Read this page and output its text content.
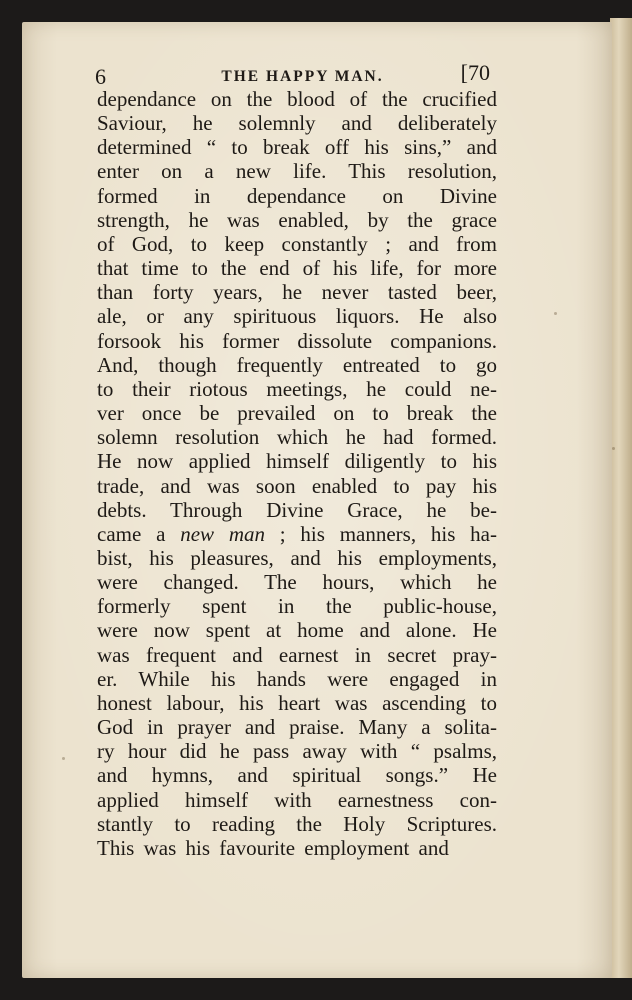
6	THE HAPPY MAN.	[70
dependance on the blood of the crucified
Saviour, he solemnly and deliberately
determined “ to break off his sins,” and
enter on a new life. This resolution,
formed in dependance on Divine
strength, he was enabled, by the grace
of God, to keep constantly ; and from
that time to the end of his life, for more
than forty years, he never tasted beer,
ale, or any spirituous liquors. He also
forsook his former dissolute companions.
And, though frequently entreated to go
to their riotous meetings, he could ne-
ver once be prevailed on to break the
solemn resolution which he had formed.
He now applied himself diligently to his
trade, and was soon enabled to pay his
debts. Through Divine Grace, he be-
came a new man ; his manners, his ha-
bist, his pleasures, and his employments,
were changed. The hours, which he
formerly spent in the public-house,
were now spent at home and alone. He
was frequent and earnest in secret pray-
er. While his hands were engaged in
honest labour, his heart was ascending to
God in prayer and praise. Many a solita-
ry hour did he pass away with “ psalms,
and hymns, and spiritual songs.” He
applied himself with earnestness con-
stantly to reading the Holy Scriptures.
This was his favourite employment and
